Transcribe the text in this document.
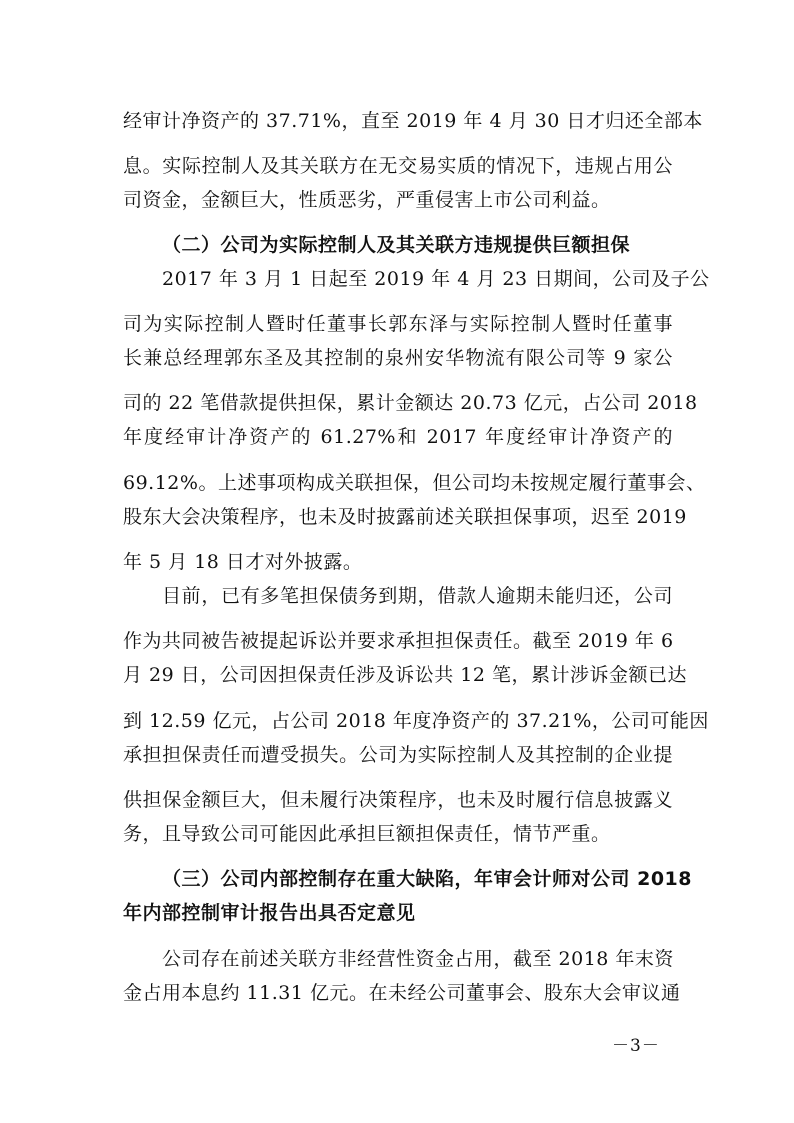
经审计净资产的 37.71%，直至 2019 年 4 月 30 日才归还全部本
息。实际控制人及其关联方在无交易实质的情况下，违规占用公
司资金，金额巨大，性质恶劣，严重侵害上市公司利益。
（二）公司为实际控制人及其关联方违规提供巨额担保
2017 年 3 月 1 日起至 2019 年 4 月 23 日期间，公司及子公
司为实际控制人暨时任董事长郭东泽与实际控制人暨时任董事
长兼总经理郭东圣及其控制的泉州安华物流有限公司等 9 家公
司的 22 笔借款提供担保，累计金额达 20.73 亿元，占公司 2018
年度经审计净资产的 61.27%和 2017 年度经审计净资产的
69.12%。上述事项构成关联担保，但公司均未按规定履行董事会、
股东大会决策程序，也未及时披露前述关联担保事项，迟至 2019
年 5 月 18 日才对外披露。
目前，已有多笔担保债务到期，借款人逾期未能归还，公司
作为共同被告被提起诉讼并要求承担担保责任。截至 2019 年 6
月 29 日，公司因担保责任涉及诉讼共 12 笔，累计涉诉金额已达
到 12.59 亿元，占公司 2018 年度净资产的 37.21%，公司可能因
承担担保责任而遭受损失。公司为实际控制人及其控制的企业提
供担保金额巨大，但未履行决策程序，也未及时履行信息披露义
务，且导致公司可能因此承担巨额担保责任，情节严重。
（三）公司内部控制存在重大缺陷，年审会计师对公司 2018
年内部控制审计报告出具否定意见
公司存在前述关联方非经营性资金占用，截至 2018 年末资
金占用本息约 11.31 亿元。在未经公司董事会、股东大会审议通
－3－
